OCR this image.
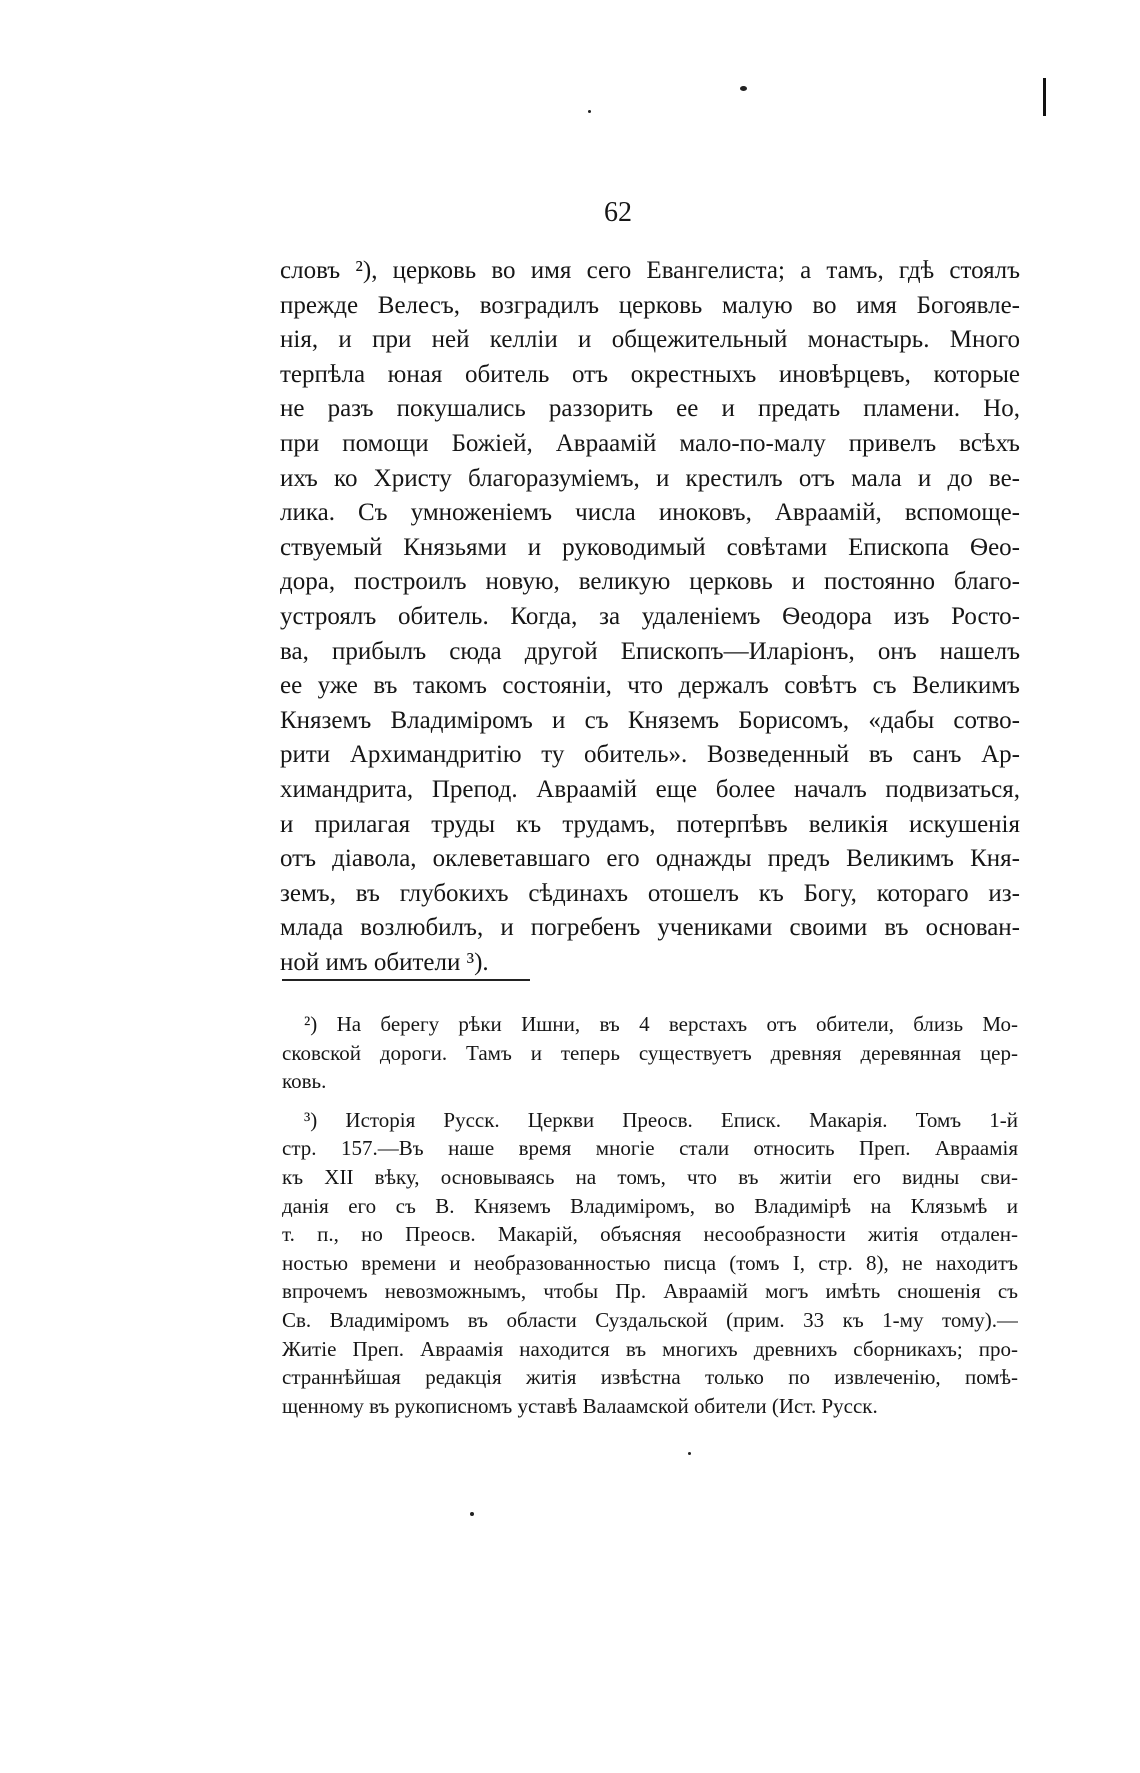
62
словъ ²), церковь во имя сего Евангелиста; а тамъ, гдѣ стоялъ
прежде Велесъ, возградилъ церковь малую во имя Богоявле-
нія, и при ней келліи и общежительный монастырь. Много
терпѣла юная обитель отъ окрестныхъ иновѣрцевъ, которые
не разъ покушались раззорить ее и предать пламени. Но,
при помощи Божіей, Авраамій мало-по-малу привелъ всѣхъ
ихъ ко Христу благоразуміемъ, и крестилъ отъ мала и до ве-
лика. Съ умноженіемъ числа иноковъ, Авраамій, вспомоще-
ствуемый Князьями и руководимый совѣтами Епископа Ѳео-
дора, построилъ новую, великую церковь и постоянно благо-
устроялъ обитель. Когда, за удаленіемъ Ѳеодора изъ Росто-
ва, прибылъ сюда другой Епископъ—Иларіонъ, онъ нашелъ
ее уже въ такомъ состояніи, что держалъ совѣтъ съ Великимъ
Княземъ Владиміромъ и съ Княземъ Борисомъ, «дабы сотво-
рити Архимандритію ту обитель». Возведенный въ санъ Ар-
химандрита, Препод. Авраамій еще более началъ подвизаться,
и прилагая труды къ трудамъ, потерпѣвъ великія искушенія
отъ діавола, оклеветавшаго его однажды предъ Великимъ Кня-
земъ, въ глубокихъ сѣдинахъ отошелъ къ Богу, котораго из-
млада возлюбилъ, и погребенъ учениками своими въ основан-
ной имъ обители ³).
²) На берегу рѣки Ишни, въ 4 верстахъ отъ обители, близь Мо-
сковской дороги. Тамъ и теперь существуетъ древняя деревянная цер-
ковь.
³) Исторія Русск. Церкви Преосв. Еписк. Макарія. Томъ 1-й
стр. 157.—Въ наше время многіе стали относить Преп. Авраамія
къ XII вѣку, основываясь на томъ, что въ житіи его видны сви-
данія его съ В. Княземъ Владиміромъ, во Владимірѣ на Клязьмѣ и
т. п., но Преосв. Макарій, объясняя несообразности житія отдален-
ностью времени и необразованностью писца (томъ I, стр. 8), не находитъ
впрочемъ невозможнымъ, чтобы Пр. Авраамій могъ имѣть сношенія съ
Св. Владиміромъ въ области Суздальской (прим. 33 къ 1-му тому).—
Житіе Преп. Авраамія находится въ многихъ древнихъ сборникахъ; про-
страннѣйшая редакція житія извѣстна только по извлеченію, помѣ-
щенному въ рукописномъ уставѣ Валаамской обители (Ист. Русск.
